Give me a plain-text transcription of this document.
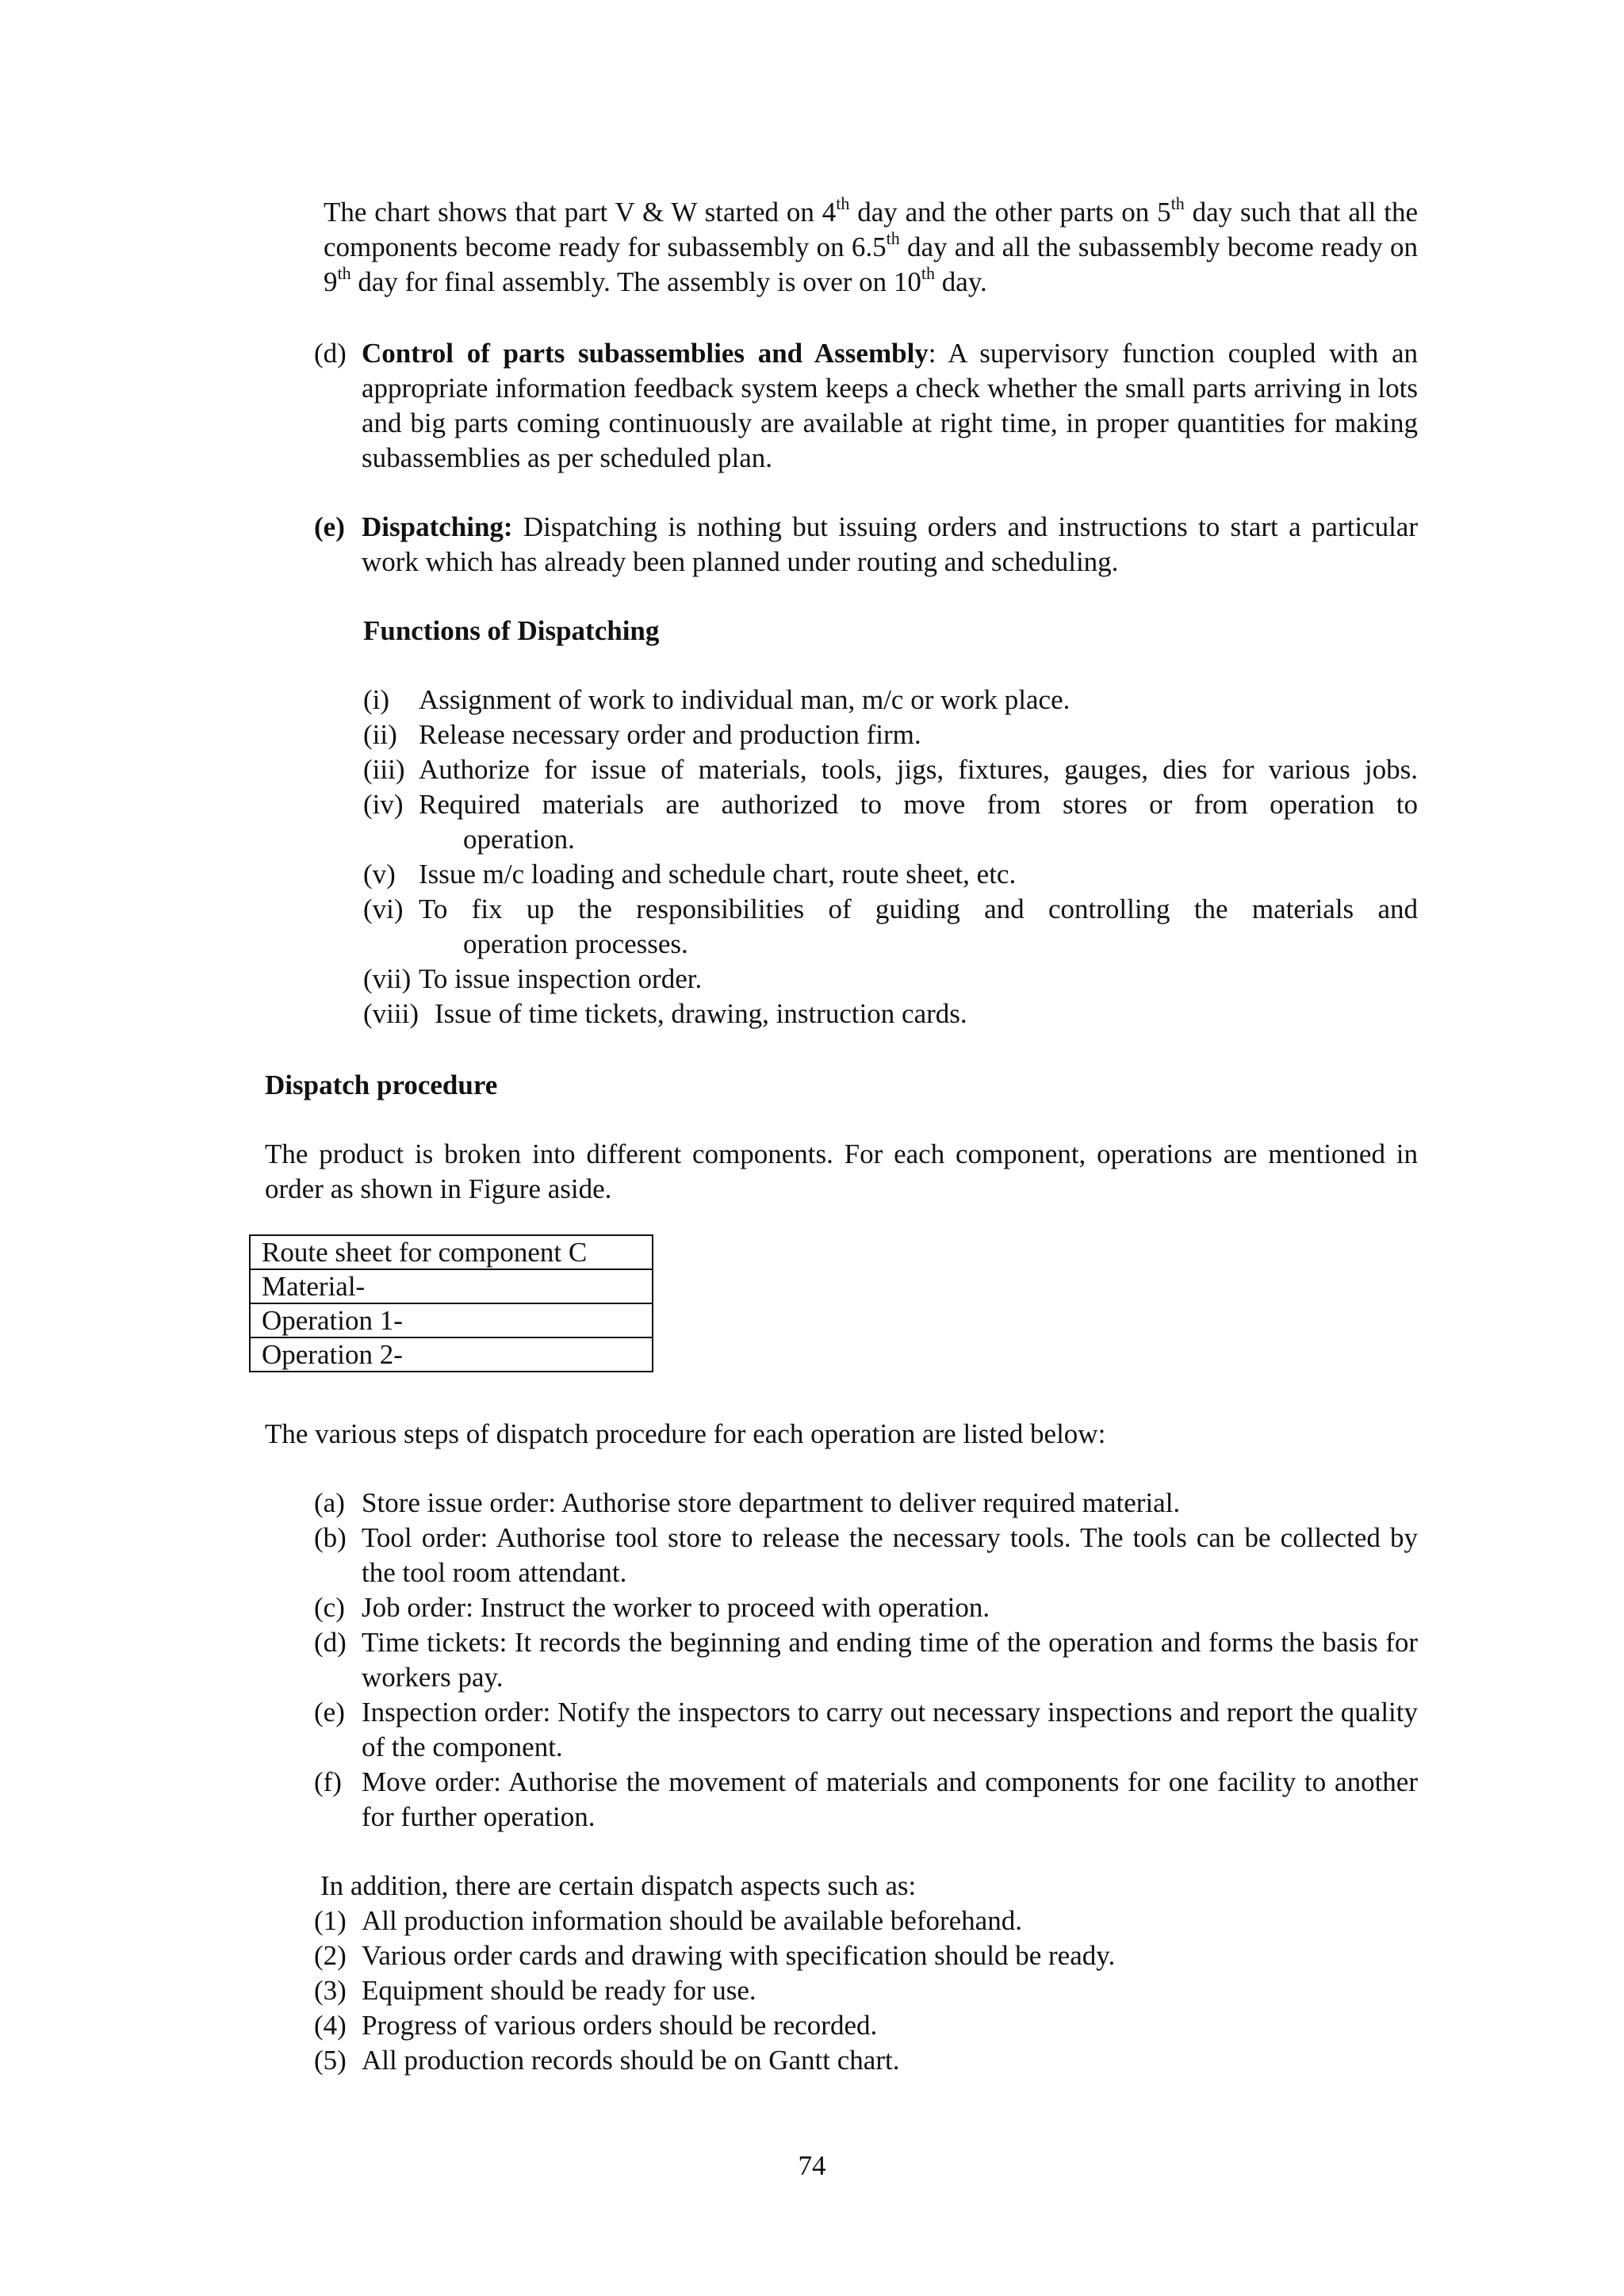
The chart shows that part V & W started on 4th day and the other parts on 5th day such that all the components become ready for subassembly on 6.5th day and all the subassembly become ready on 9th day for final assembly. The assembly is over on 10th day.

(d) Control of parts subassemblies and Assembly: A supervisory function coupled with an appropriate information feedback system keeps a check whether the small parts arriving in lots and big parts coming continuously are available at right time, in proper quantities for making subassemblies as per scheduled plan.
(e) Dispatching: Dispatching is nothing but issuing orders and instructions to start a particular work which has already been planned under routing and scheduling.

Functions of Dispatching

(i) Assignment of work to individual man, m/c or work place.
(ii) Release necessary order and production firm.
(iii) Authorize for issue of materials, tools, jigs, fixtures, gauges, dies for various jobs.
(iv) Required materials are authorized to move from stores or from operation to
operation.
(v) Issue m/c loading and schedule chart, route sheet, etc.
(vi) To fix up the responsibilities of guiding and controlling the materials and
operation processes.
(vii) To issue inspection order.
(viii) Issue of time tickets, drawing, instruction cards.

Dispatch procedure

The product is broken into different components. For each component, operations are mentioned in order as shown in Figure aside.

Route sheet for component C
Material-
Operation 1-
Operation 2-

The various steps of dispatch procedure for each operation are listed below:

(a) Store issue order: Authorise store department to deliver required material.
(b) Tool order: Authorise tool store to release the necessary tools. The tools can be collected by the tool room attendant.
(c) Job order: Instruct the worker to proceed with operation.
(d) Time tickets: It records the beginning and ending time of the operation and forms the basis for workers pay.
(e) Inspection order: Notify the inspectors to carry out necessary inspections and report the quality of the component.
(f) Move order: Authorise the movement of materials and components for one facility to another for further operation.

In addition, there are certain dispatch aspects such as:

(1) All production information should be available beforehand.
(2) Various order cards and drawing with specification should be ready.
(3) Equipment should be ready for use.
(4) Progress of various orders should be recorded.
(5) All production records should be on Gantt chart.
74
